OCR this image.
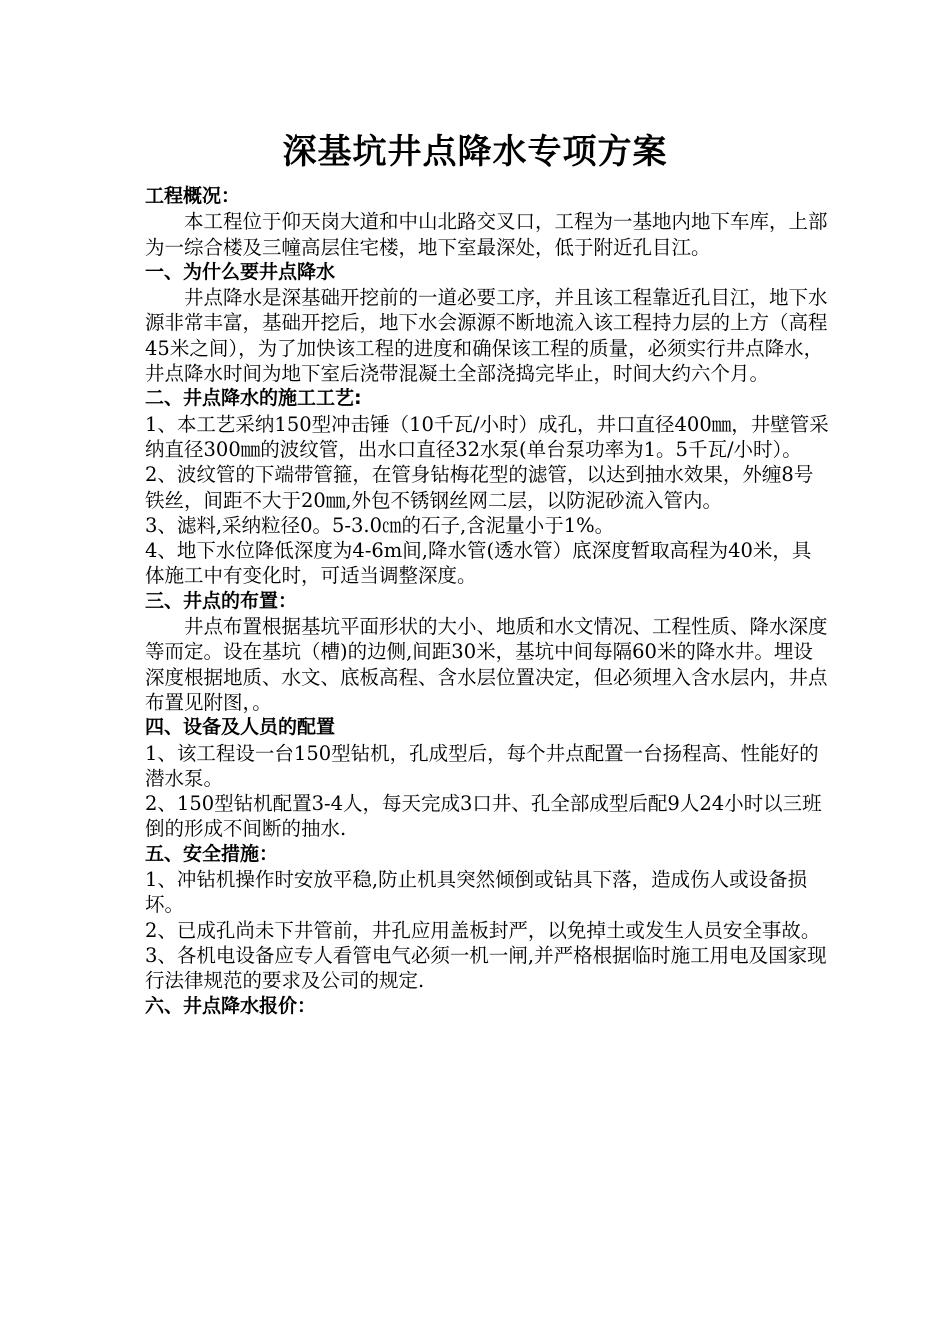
深基坑井点降水专项方案

工程概况：

本工程位于仰天岗大道和中山北路交叉口，工程为一基地内地下车库，上部为一综合楼及三幢高层住宅楼，地下室最深处，低于附近孔目江。

一、为什么要井点降水

井点降水是深基础开挖前的一道必要工序，并且该工程靠近孔目江，地下水源非常丰富，基础开挖后，地下水会源源不断地流入该工程持力层的上方（高程45米之间），为了加快该工程的进度和确保该工程的质量，必须实行井点降水，井点降水时间为地下室后浇带混凝土全部浇捣完毕止，时间大约六个月。

二、井点降水的施工工艺:

1、本工艺采纳150型冲击锤（10千瓦/小时）成孔，井口直径400㎜，井壁管采纳直径300㎜的波纹管，出水口直径32水泵(单台泵功率为1。5千瓦/小时）。

2、波纹管的下端带管箍，在管身钻梅花型的滤管，以达到抽水效果，外缠8号铁丝，间距不大于20㎜,外包不锈钢丝网二层，以防泥砂流入管内。

3、滤料,采纳粒径0。5-3.0㎝的石子,含泥量小于1%。

4、地下水位降低深度为4-6m间,降水管(透水管）底深度暂取高程为40米，具体施工中有变化时，可适当调整深度。

三、井点的布置：

井点布置根据基坑平面形状的大小、地质和水文情况、工程性质、降水深度等而定。设在基坑（槽)的边侧,间距30米，基坑中间每隔60米的降水井。埋设深度根据地质、水文、底板高程、含水层位置决定，但必须埋入含水层内，井点布置见附图，。

四、设备及人员的配置

1、该工程设一台150型钻机，孔成型后，每个井点配置一台扬程高、性能好的潜水泵。

2、150型钻机配置3-4人，每天完成3口井、孔全部成型后配9人24小时以三班倒的形成不间断的抽水.

五、安全措施：

1、冲钻机操作时安放平稳,防止机具突然倾倒或钻具下落，造成伤人或设备损坏。

2、已成孔尚未下井管前，井孔应用盖板封严，以免掉土或发生人员安全事故。

3、各机电设备应专人看管电气必须一机一闸,并严格根据临时施工用电及国家现行法律规范的要求及公司的规定.

六、井点降水报价：
